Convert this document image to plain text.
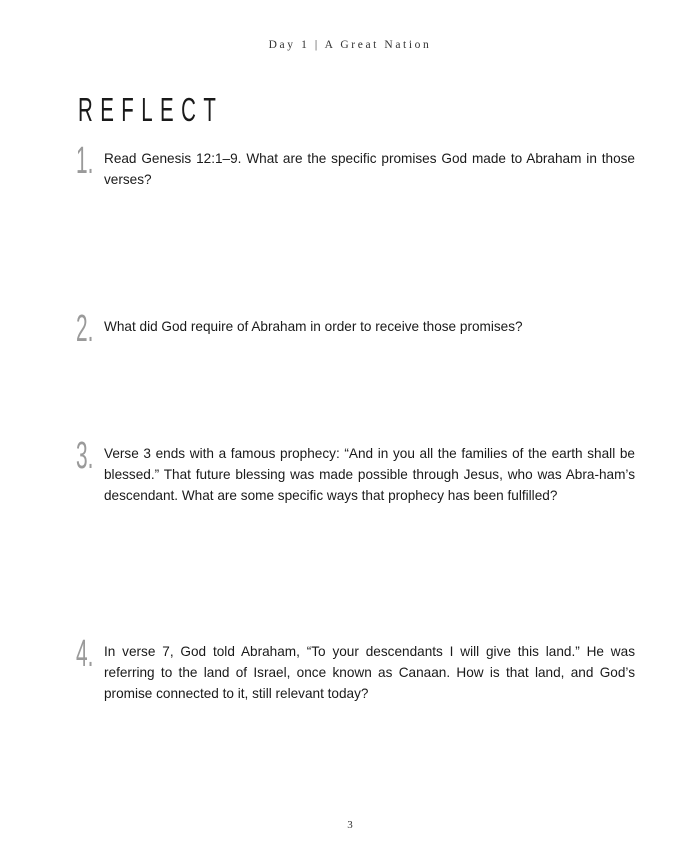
Day 1 | A Great Nation
REFLECT
1. Read Genesis 12:1–9. What are the specific promises God made to Abraham in those verses?

2. What did God require of Abraham in order to receive those promises?

3. Verse 3 ends with a famous prophecy: “And in you all the families of the earth shall be blessed.” That future blessing was made possible through Jesus, who was Abra-ham’s descendant. What are some specific ways that prophecy has been fulfilled?

4. In verse 7, God told Abraham, “To your descendants I will give this land.” He was referring to the land of Israel, once known as Canaan. How is that land, and God’s promise connected to it, still relevant today?

3
